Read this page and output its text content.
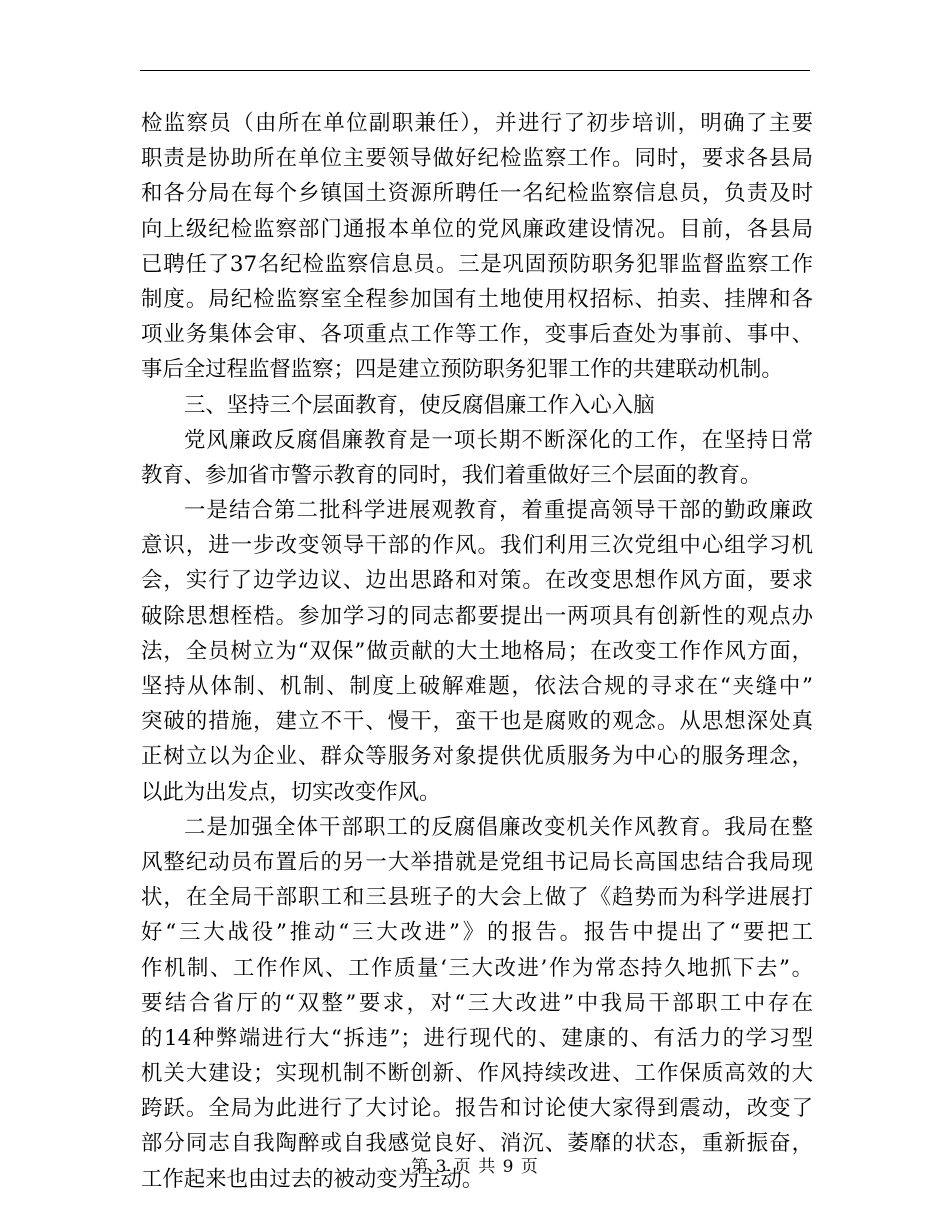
检监察员（由所在单位副职兼任），并进行了初步培训，明确了主要
职责是协助所在单位主要领导做好纪检监察工作。同时，要求各县局
和各分局在每个乡镇国土资源所聘任一名纪检监察信息员，负责及时
向上级纪检监察部门通报本单位的党风廉政建设情况。目前，各县局
已聘任了37名纪检监察信息员。三是巩固预防职务犯罪监督监察工作
制度。局纪检监察室全程参加国有土地使用权招标、拍卖、挂牌和各
项业务集体会审、各项重点工作等工作，变事后查处为事前、事中、
事后全过程监督监察；四是建立预防职务犯罪工作的共建联动机制。
三、坚持三个层面教育，使反腐倡廉工作入心入脑
党风廉政反腐倡廉教育是一项长期不断深化的工作，在坚持日常
教育、参加省市警示教育的同时，我们着重做好三个层面的教育。
一是结合第二批科学进展观教育，着重提高领导干部的勤政廉政
意识，进一步改变领导干部的作风。我们利用三次党组中心组学习机
会，实行了边学边议、边出思路和对策。在改变思想作风方面，要求
破除思想桎梏。参加学习的同志都要提出一两项具有创新性的观点办
法，全员树立为“双保”做贡献的大土地格局；在改变工作作风方面，
坚持从体制、机制、制度上破解难题，依法合规的寻求在“夹缝中”
突破的措施，建立不干、慢干，蛮干也是腐败的观念。从思想深处真
正树立以为企业、群众等服务对象提供优质服务为中心的服务理念，
以此为出发点，切实改变作风。
二是加强全体干部职工的反腐倡廉改变机关作风教育。我局在整
风整纪动员布置后的另一大举措就是党组书记局长高国忠结合我局现
状，在全局干部职工和三县班子的大会上做了《趋势而为科学进展打
好“三大战役”推动“三大改进”》的报告。报告中提出了“要把工
作机制、工作作风、工作质量‘三大改进’作为常态持久地抓下去”。
要结合省厅的“双整”要求，对“三大改进”中我局干部职工中存在
的14种弊端进行大“拆违”；进行现代的、建康的、有活力的学习型
机关大建设；实现机制不断创新、作风持续改进、工作保质高效的大
跨跃。全局为此进行了大讨论。报告和讨论使大家得到震动，改变了
部分同志自我陶醉或自我感觉良好、消沉、萎靡的状态，重新振奋，
工作起来也由过去的被动变为主动。
第 3 页 共 9 页
